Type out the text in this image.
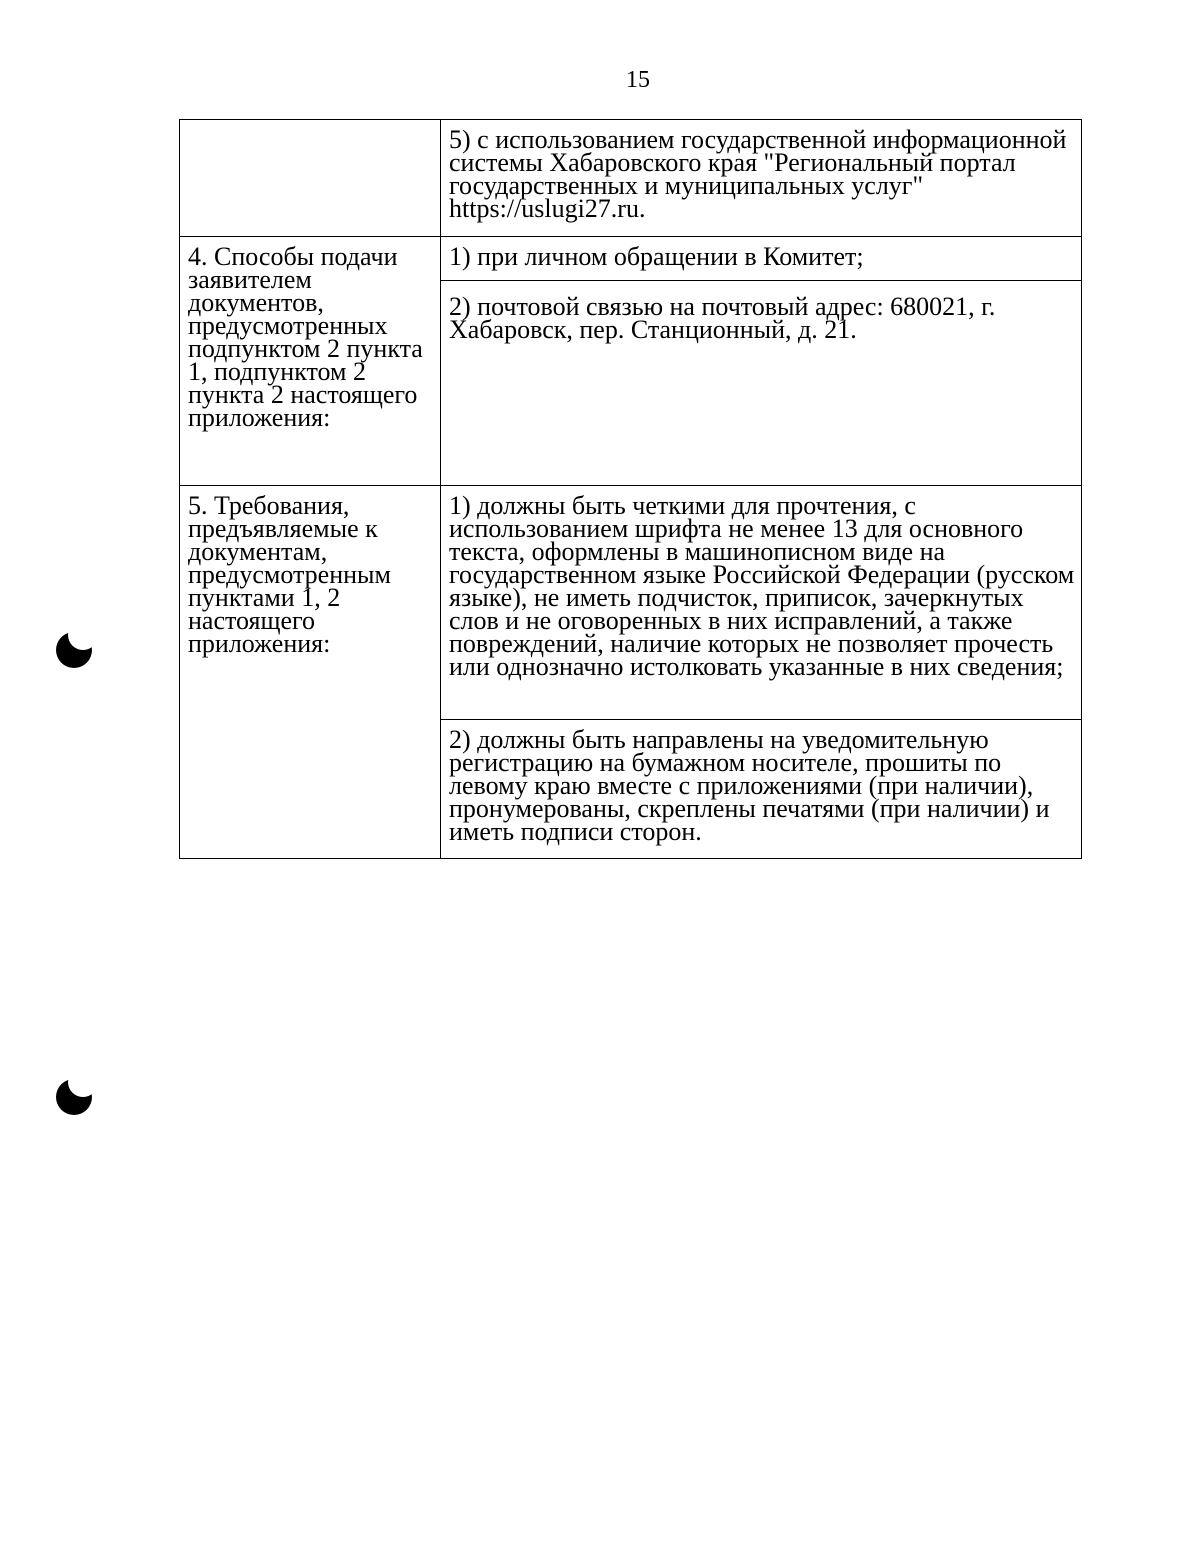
15
	5) с использованием государственной информационной системы Хабаровского края "Региональный портал государственных и муниципальных услуг" https://uslugi27.ru.
4. Способы подачи заявителем документов, предусмотренных подпунктом 2 пункта 1, подпунктом 2 пункта 2 настоящего приложения:	1) при личном обращении в Комитет;
	2) почтовой связью на почтовый адрес: 680021, г. Хабаровск, пер. Станционный, д. 21.
5. Требования, предъявляемые к документам, предусмотренным пунктами 1, 2 настоящего приложения:	1) должны быть четкими для прочтения, с использованием шрифта не менее 13 для основного текста, оформлены в машинописном виде на государственном языке Российской Федерации (русском языке), не иметь подчисток, приписок, зачеркнутых слов и не оговоренных в них исправлений, а также повреждений, наличие которых не позволяет прочесть или однозначно истолковать указанные в них сведения;
	2) должны быть направлены на уведомительную регистрацию на бумажном носителе, прошиты по левому краю вместе с приложениями (при наличии), пронумерованы, скреплены печатями (при наличии) и иметь подписи сторон.
